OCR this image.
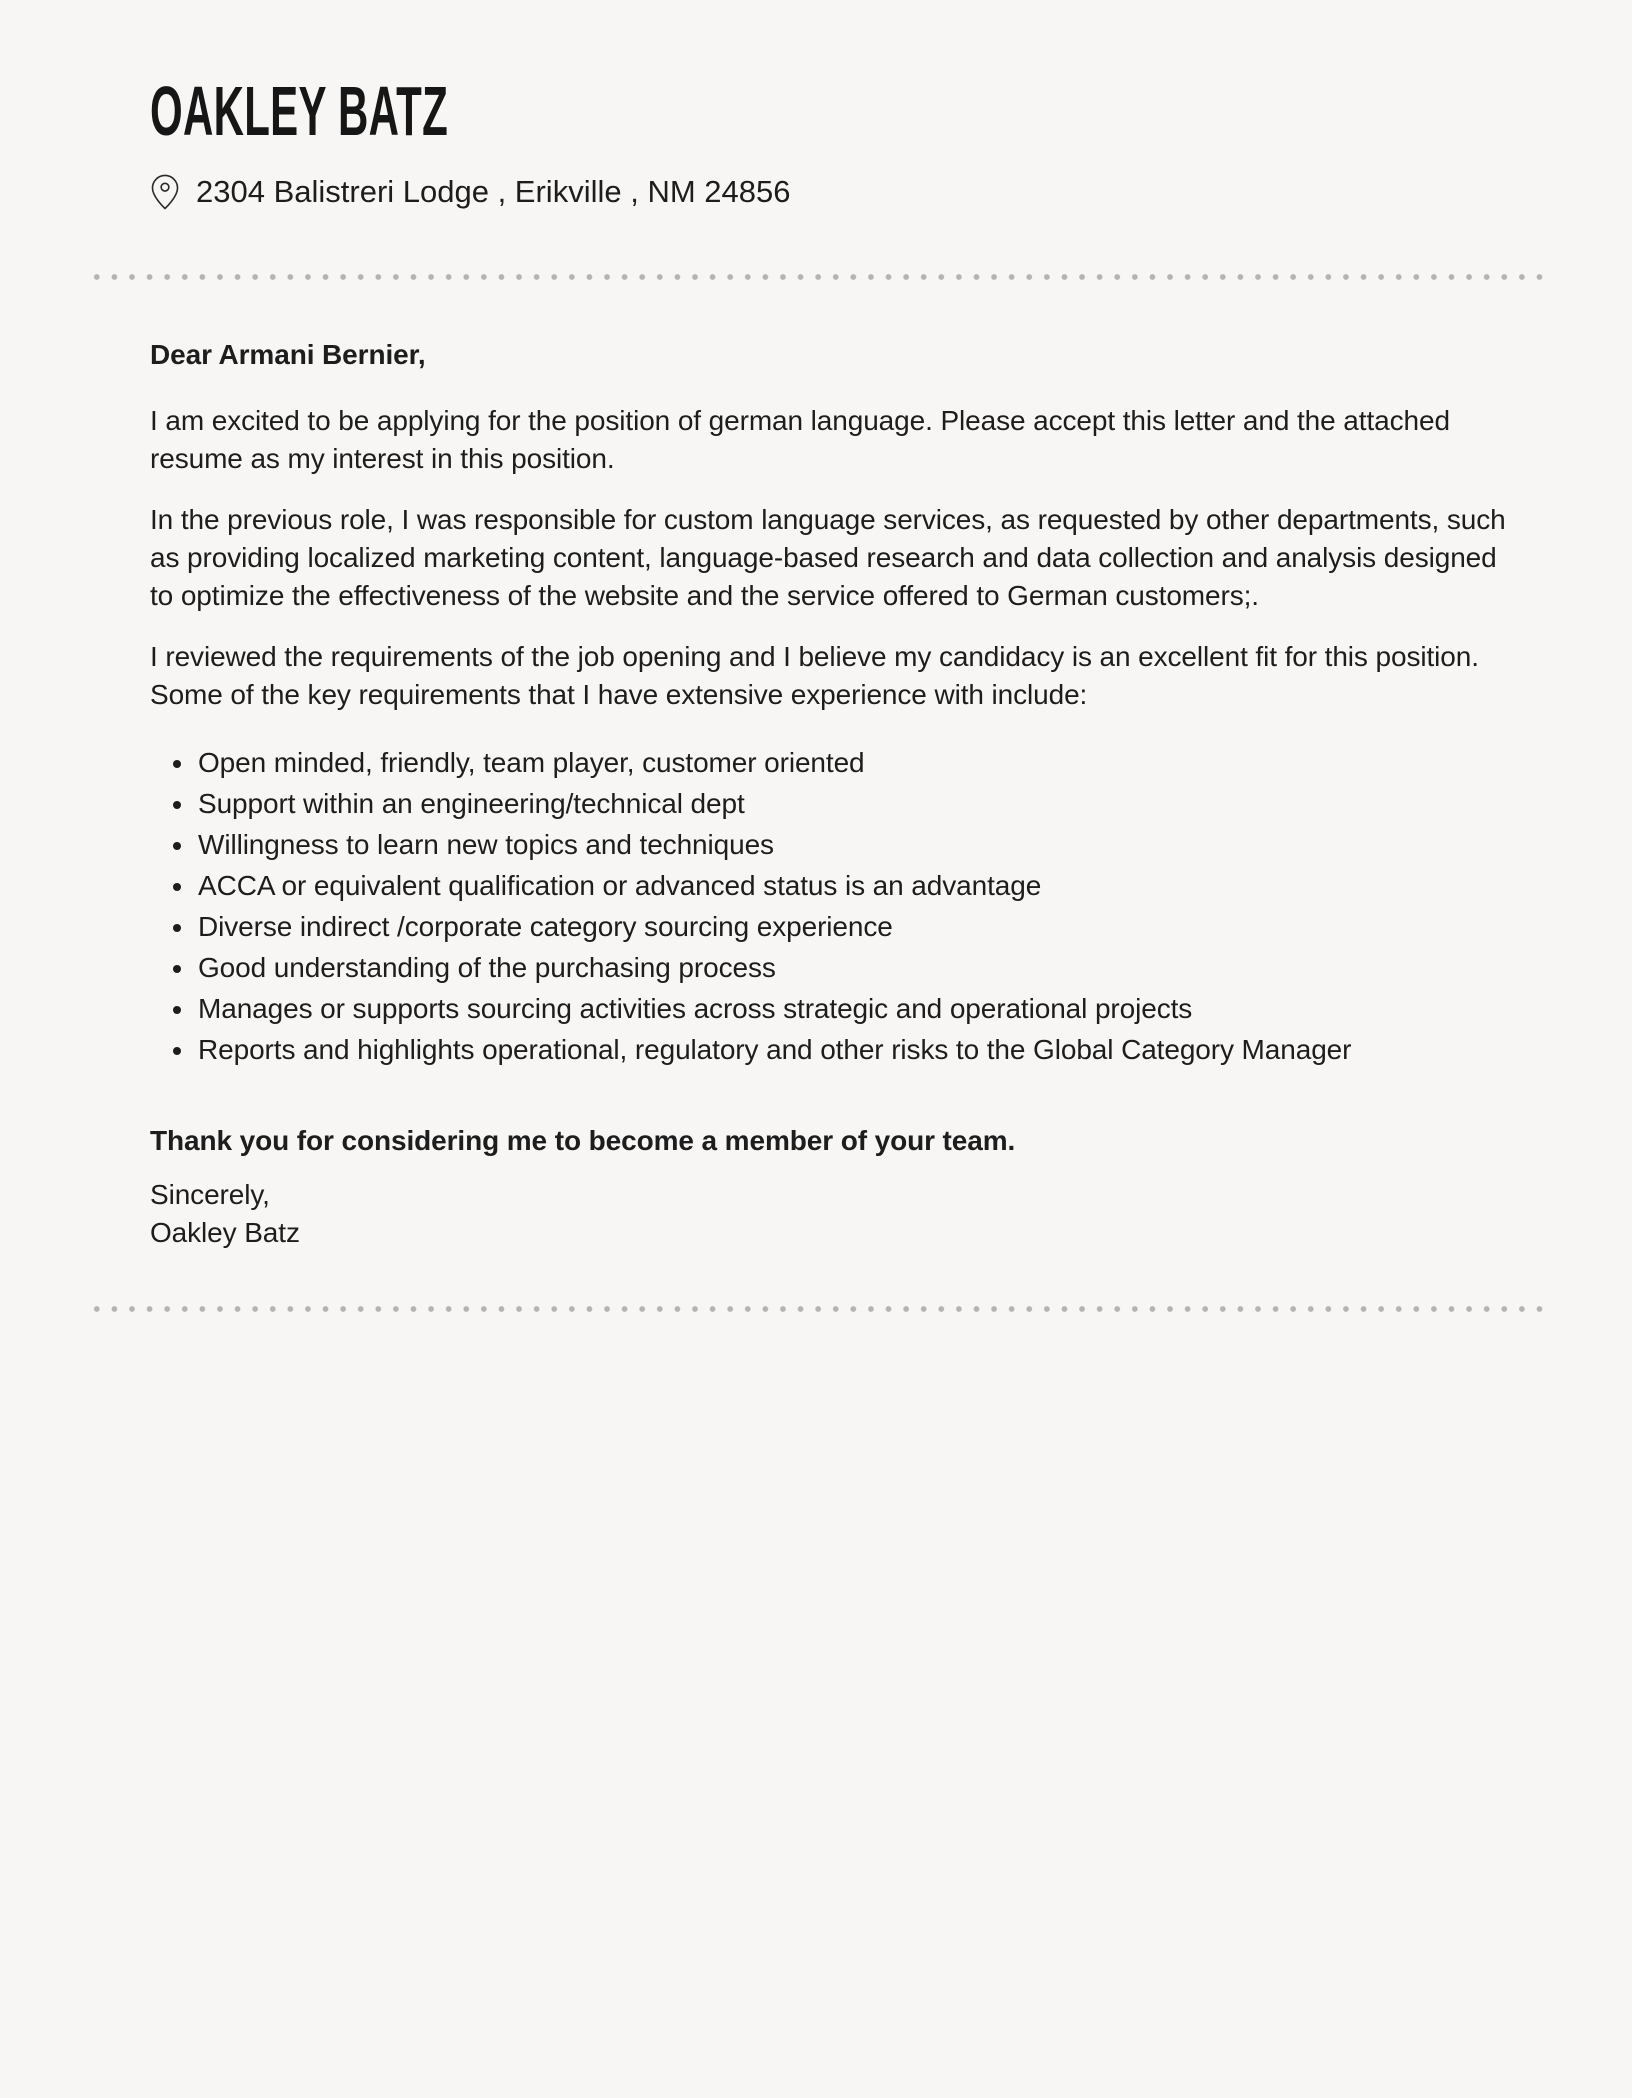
OAKLEY BATZ
2304 Balistreri Lodge , Erikville , NM 24856

Dear Armani Bernier,

I am excited to be applying for the position of german language. Please accept this letter and the attached resume as my interest in this position.

In the previous role, I was responsible for custom language services, as requested by other departments, such as providing localized marketing content, language-based research and data collection and analysis designed to optimize the effectiveness of the website and the service offered to German customers;.

I reviewed the requirements of the job opening and I believe my candidacy is an excellent fit for this position. Some of the key requirements that I have extensive experience with include:

• Open minded, friendly, team player, customer oriented
• Support within an engineering/technical dept
• Willingness to learn new topics and techniques
• ACCA or equivalent qualification or advanced status is an advantage
• Diverse indirect /corporate category sourcing experience
• Good understanding of the purchasing process
• Manages or supports sourcing activities across strategic and operational projects
• Reports and highlights operational, regulatory and other risks to the Global Category Manager

Thank you for considering me to become a member of your team.

Sincerely,

Oakley Batz
